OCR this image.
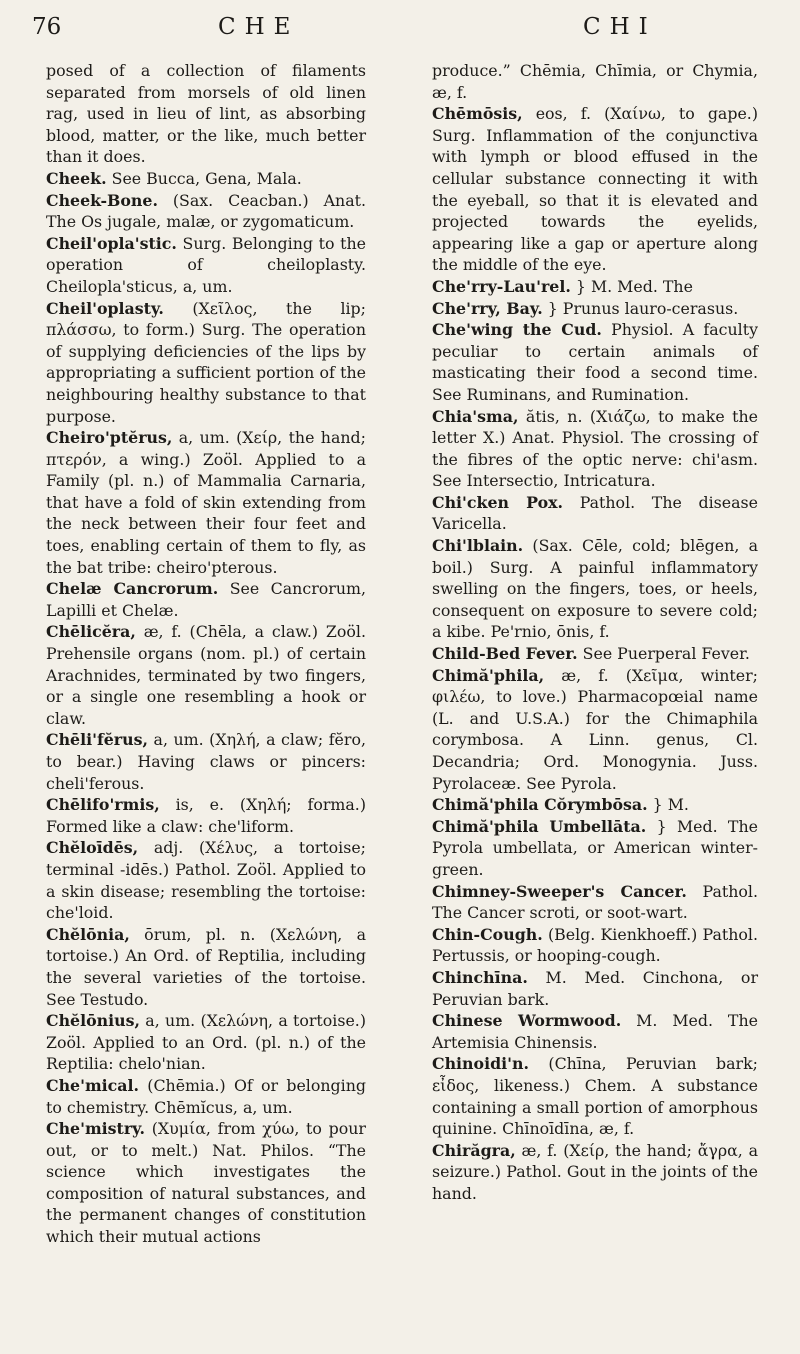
76	CHE	CHI

posed of a collection of filaments separated from morsels of old linen rag, used in lieu of lint, as absorbing blood, matter, or the like, much better than it does.

Cheek. See Bucca, Gena, Mala.

Cheek-Bone. (Sax. Ceacban.) Anat. The Os jugale, malæ, or zygomaticum.

Cheil'opla'stic. Surg. Belonging to the operation of cheiloplasty. Cheilopla'sticus, a, um.

Cheil'oplasty. (Χεῖλος, the lip; πλάσσω, to form.) Surg. The operation of supplying deficiencies of the lips by appropriating a sufficient portion of the neighbouring healthy substance to that purpose.

Cheiro'ptĕrus, a, um. (Χείρ, the hand; πτερόν, a wing.) Zoöl. Applied to a Family (pl. n.) of Mammalia Carnaria, that have a fold of skin extending from the neck between their four feet and toes, enabling certain of them to fly, as the bat tribe: cheiro'pterous.

Chelæ Cancrorum. See Cancrorum, Lapilli et Chelæ.

Chēlicĕra, æ, f. (Chēla, a claw.) Zoöl. Prehensile organs (nom. pl.) of certain Arachnides, terminated by two fingers, or a single one resembling a hook or claw.

Chēli'fĕrus, a, um. (Χηλή, a claw; fĕro, to bear.) Having claws or pincers: cheli'ferous.

Chēlifo'rmis, is, e. (Χηλή; forma.) Formed like a claw: che'liform.

Chĕloīdēs, adj. (Χέλυς, a tortoise; terminal -idēs.) Pathol. Zoöl. Applied to a skin disease; resembling the tortoise: che'loid.

Chĕlōnia, ōrum, pl. n. (Χελώνη, a tortoise.) An Ord. of Reptilia, including the several varieties of the tortoise. See Testudo.

Chĕlōnius, a, um. (Χελώνη, a tortoise.) Zoöl. Applied to an Ord. (pl. n.) of the Reptilia: chelo'nian.

Che'mical. (Chēmia.) Of or belonging to chemistry. Chēmĭcus, a, um.

Che'mistry. (Χυμία, from χύω, to pour out, or to melt.) Nat. Philos. “The science which investigates the composition of natural substances, and the permanent changes of constitution which their mutual actions

produce.” Chēmia, Chīmia, or Chymia, æ, f.

Chēmōsis, eos, f. (Χαίνω, to gape.) Surg. Inflammation of the conjunctiva with lymph or blood effused in the cellular substance connecting it with the eyeball, so that it is elevated and projected towards the eyelids, appearing like a gap or aperture along the middle of the eye.

Che'rry-Lau'rel. } M. Med. The

Che'rry, Bay. } Prunus lauro-cerasus.

Che'wing the Cud. Physiol. A faculty peculiar to certain animals of masticating their food a second time. See Ruminans, and Rumination.

Chia'sma, ătis, n. (Χιάζω, to make the letter X.) Anat. Physiol. The crossing of the fibres of the optic nerve: chi'asm. See Intersectio, Intricatura.

Chi'cken Pox. Pathol. The disease Varicella.

Chi'lblain. (Sax. Cēle, cold; blēgen, a boil.) Surg. A painful inflammatory swelling on the fingers, toes, or heels, consequent on exposure to severe cold; a kibe. Pe'rnio, ōnis, f.

Child-Bed Fever. See Puerperal Fever.

Chimă'phila, æ, f. (Χεῖμα, winter; φιλέω, to love.) Pharmacopœial name (L. and U.S.A.) for the Chimaphila corymbosa. A Linn. genus, Cl. Decandria; Ord. Monogynia. Juss. Pyrolaceæ. See Pyrola.

Chimă'phila Cŏrymbōsa. } M.

Chimă'phila Umbellāta. } Med. The Pyrola umbellata, or American winter-green.

Chimney-Sweeper's Cancer. Pathol. The Cancer scroti, or soot-wart.

Chin-Cough. (Belg. Kienkhoeff.) Pathol. Pertussis, or hooping-cough.

Chinchīna. M. Med. Cinchona, or Peruvian bark.

Chinese Wormwood. M. Med. The Artemisia Chinensis.

Chinoidi'n. (Chīna, Peruvian bark; εἶδος, likeness.) Chem. A substance containing a small portion of amorphous quinine. Chīnoīdīna, æ, f.

Chirăgra, æ, f. (Χείρ, the hand; ἄγρα, a seizure.) Pathol. Gout in the joints of the hand.
